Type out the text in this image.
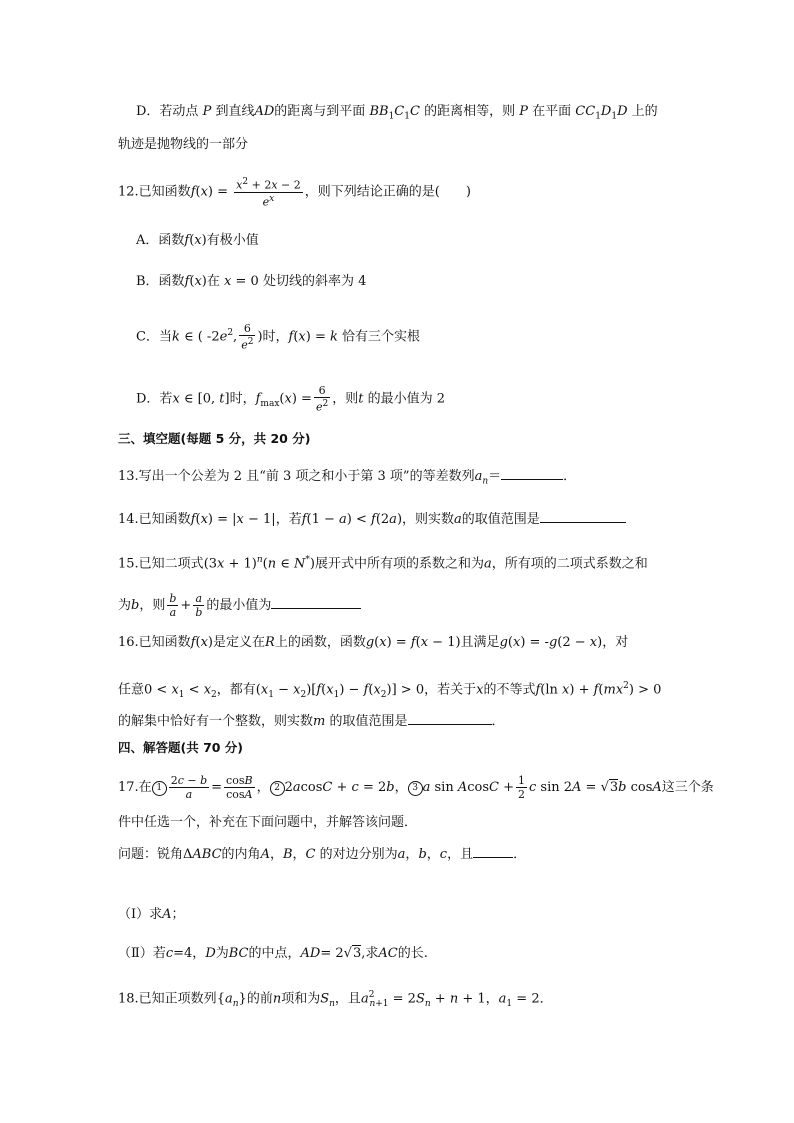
D．若动点 P 到直线AD的距离与到平面 $BB_1C_1C$ 的距离相等，则 P 在平面 $CC_1D_1D$ 上的
轨迹是抛物线的一部分
12.已知函数$f(x) = \frac{x^2 + 2x - 2}{e^x}$ ，则下列结论正确的是(　　)
A．函数f(x)有极小值
B．函数f(x)在 x = 0 处切线的斜率为 4
C．当k ∈ ( $-2e^2$, $\frac{6}{e^2}$ )时，f(x) = k 恰有三个实根
D．若x ∈ [0, t]时，$f_{max}(x) = \frac{6}{e^2}$ ，则t 的最小值为 2
三、填空题(每题 5 分，共 20 分)
13.写出一个公差为 2 且“前 3 项之和小于第 3 项”的等差数列$a_n=$	．
14.已知函数f(x) = |x − 1|，若f(1 − a) < f(2a)，则实数a的取值范围是
15.已知二项式$(3x + 1)^n(n$ ∈ N*)展开式中所有项的系数之和为a，所有项的二项式系数之和
为b，则 $\frac{b}{a} + \frac{a}{b}$ 的最小值为
16.已知函数f(x)是定义在R上的函数，函数g(x) = f(x − 1)且满足g(x) = -g(2 − x)，对
任意$0 < x_1 < x_2$，都有$(x_1 - x_2)[f(x_1) - f(x_2)] > 0$，若关于x的不等式f(ln $x) + f(mx^2) > 0$
的解集中恰好有一个整数，则实数m 的取值范围是	．
四、解答题(共 70 分)
17.在 $1 \frac{2c - b}{a} = \frac{\cos B}{\cos A}$ ， 2 2acosC + c = 2b， 3 a $\sin AcosC + \frac{1}{2}$ c sin 2A = √3b cosA这三个条
件中任选一个，补充在下面问题中，并解答该问题．
问题：锐角ΔABC的内角A，B，C 的对边分别为a，b，c，且	．
（Ⅰ）求A；
（Ⅱ）若c=4，D为BC的中点，AD= 2√3,求AC的长.
18.已知正项数列$\{a_n\}$的前n项和为$S_n$，且$a^2_{n+1} = 2S_n + n + 1$，$a_1 = 2$．
